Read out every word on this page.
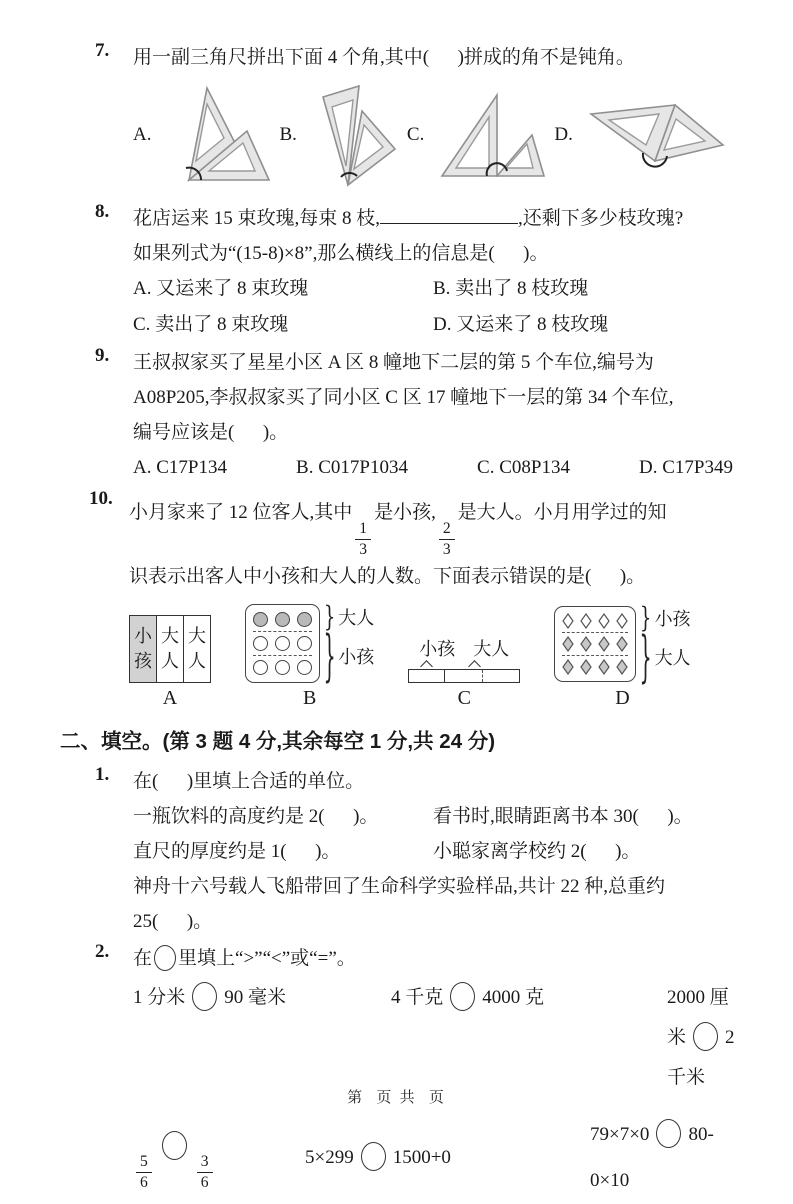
7.	用一副三角尺拼出下面 4 个角,其中(      )拼成的角不是钝角。
A.	B.	C.	D.
8.	花店运来 15 束玫瑰,每束 8 枝,	,还剩下多少枝玫瑰?
如果列式为“(15-8)×8”,那么横线上的信息是(      )。
A. 又运来了 8 束玫瑰	B. 卖出了 8 枝玫瑰
C. 卖出了 8 束玫瑰	D. 又运来了 8 枝玫瑰
9.	王叔叔家买了星星小区 A 区 8 幢地下二层的第 5 个车位,编号为
A08P205,李叔叔家买了同小区 C 区 17 幢地下一层的第 34 个车位,
编号应该是(      )。
A. C17P134	B. C017P1034	C. C08P134	D. C17P349
10.
小月家来了 12 位客人,其中
$\frac{1}{3}$
是小孩,
$\frac{2}{3}$
是大人。小月用学过的知
识表示出客人中小孩和大人的人数。下面表示错误的是(      )。
小孩
大人
大人
A
} 大人
} 小孩
B
小孩 大人
C
} 小孩
} 大人
D
二、填空。(第 3 题 4 分,其余每空 1 分,共 24 分)
1.	在(      )里填上合适的单位。
一瓶饮料的高度约是 2(      )。	看书时,眼睛距离书本 30(      )。
直尺的厚度约是 1(      )。	小聪家离学校约 2(      )。
神舟十六号载人飞船带回了生命科学实验样品,共计 22 种,总重约
25(      )。
2.	在 里填上“>”“<”或“=”。
1 分米 90 毫米	4 千克 4000 克	2000 厘米 2 千米
$\frac{5}{6}$	$\frac{3}{6}$	5×299 1500+0
79×7×0 80-0×10
第  页 共  页
